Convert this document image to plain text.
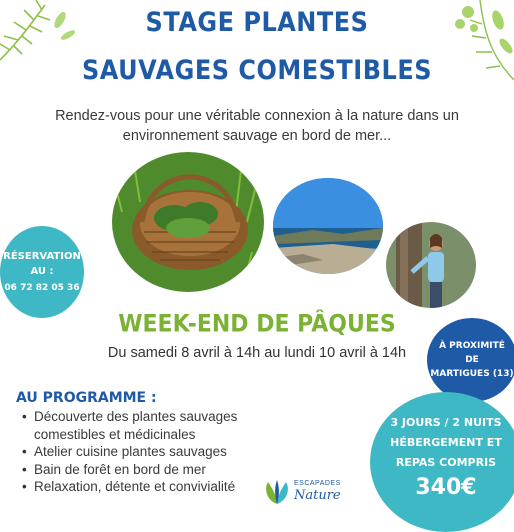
STAGE PLANTES
SAUVAGES COMESTIBLES
Rendez-vous pour une véritable connexion à la nature dans un
environnement sauvage en bord de mer...
RÉSERVATION
AU :
06 72 82 05 36
À PROXIMITÉ
DE
MARTIGUES (13)
WEEK-END DE PÂQUES
Du samedi 8 avril à 14h au lundi 10 avril à 14h
AU PROGRAMME :
• Découverte des plantes sauvages
comestibles et médicinales
• Atelier cuisine plantes sauvages
• Bain de forêt en bord de mer
• Relaxation, détente et convivialité	ESCAPADES
Nature
3 JOURS / 2 NUITS
HÉBERGEMENT ET
REPAS COMPRIS
340€
